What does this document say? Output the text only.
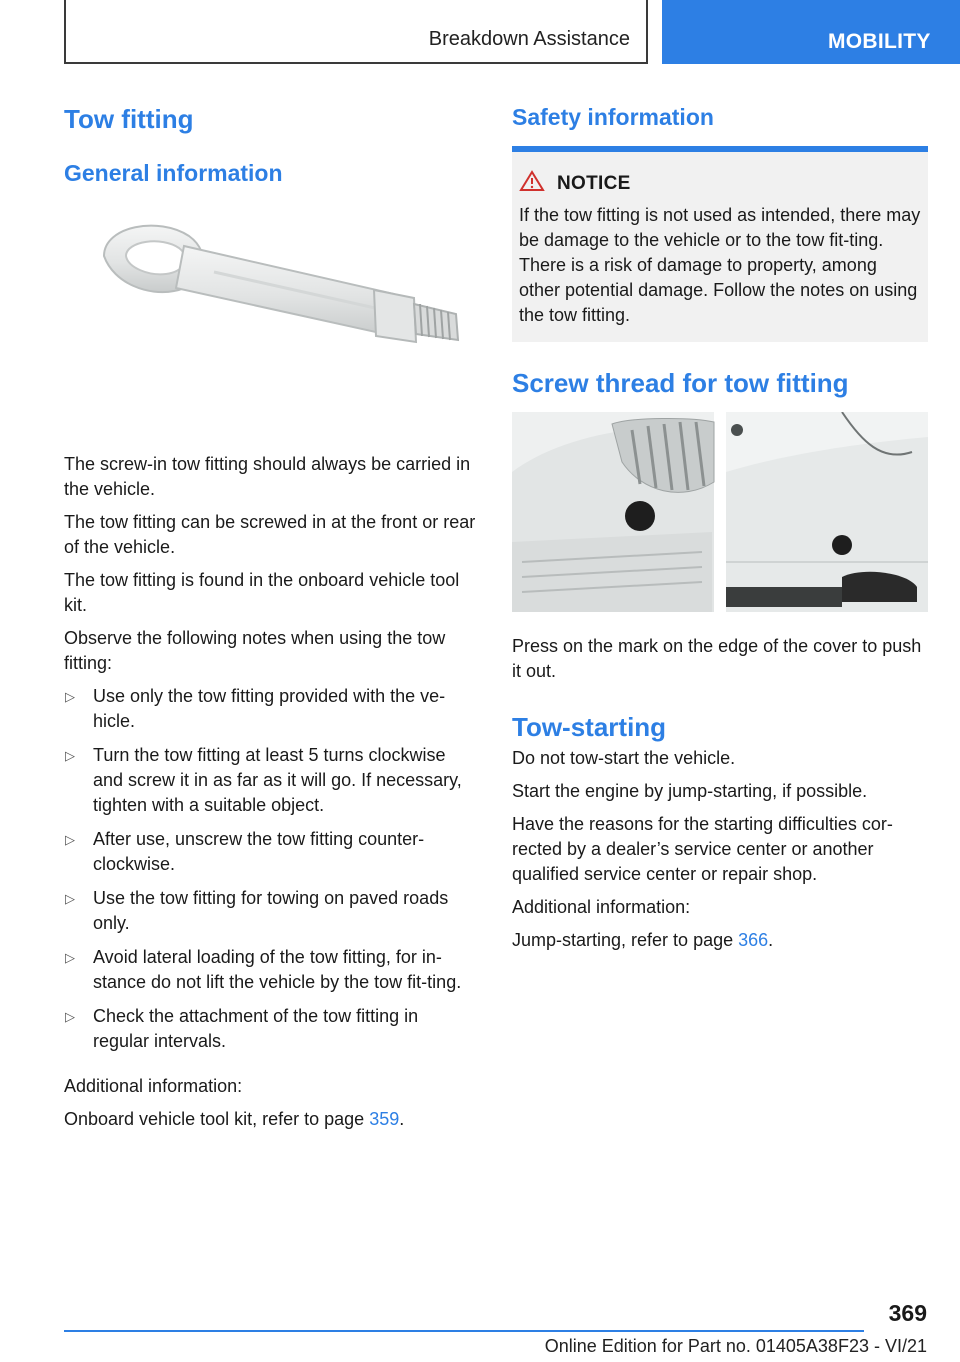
Breakdown Assistance	MOBILITY
Tow fitting
General information

The screw-in tow fitting should always be carried in the vehicle.

The tow fitting can be screwed in at the front or rear of the vehicle.

The tow fitting is found in the onboard vehicle tool kit.

Observe the following notes when using the tow fitting:

▷ Use only the tow fitting provided with the ve‐hicle.
▷ Turn the tow fitting at least 5 turns clockwise and screw it in as far as it will go. If necessary, tighten with a suitable object.
▷ After use, unscrew the tow fitting counter‐clockwise.
▷ Use the tow fitting for towing on paved roads only.
▷ Avoid lateral loading of the tow fitting, for in‐stance do not lift the vehicle by the tow fit‐ting.
▷ Check the attachment of the tow fitting in regular intervals.

Additional information:

Onboard vehicle tool kit, refer to page 359.

Safety information
NOTICE

If the tow fitting is not used as intended, there may be damage to the vehicle or to the tow fit‐ting. There is a risk of damage to property, among other potential damage. Follow the notes on using the tow fitting.

Screw thread for tow fitting

Press on the mark on the edge of the cover to push it out.

Tow-starting

Do not tow-start the vehicle.

Start the engine by jump-starting, if possible.

Have the reasons for the starting difficulties cor‐rected by a dealer’s service center or another qualified service center or repair shop.

Additional information:

Jump-starting, refer to page 366.

369
Online Edition for Part no. 01405A38F23 - VI/21
